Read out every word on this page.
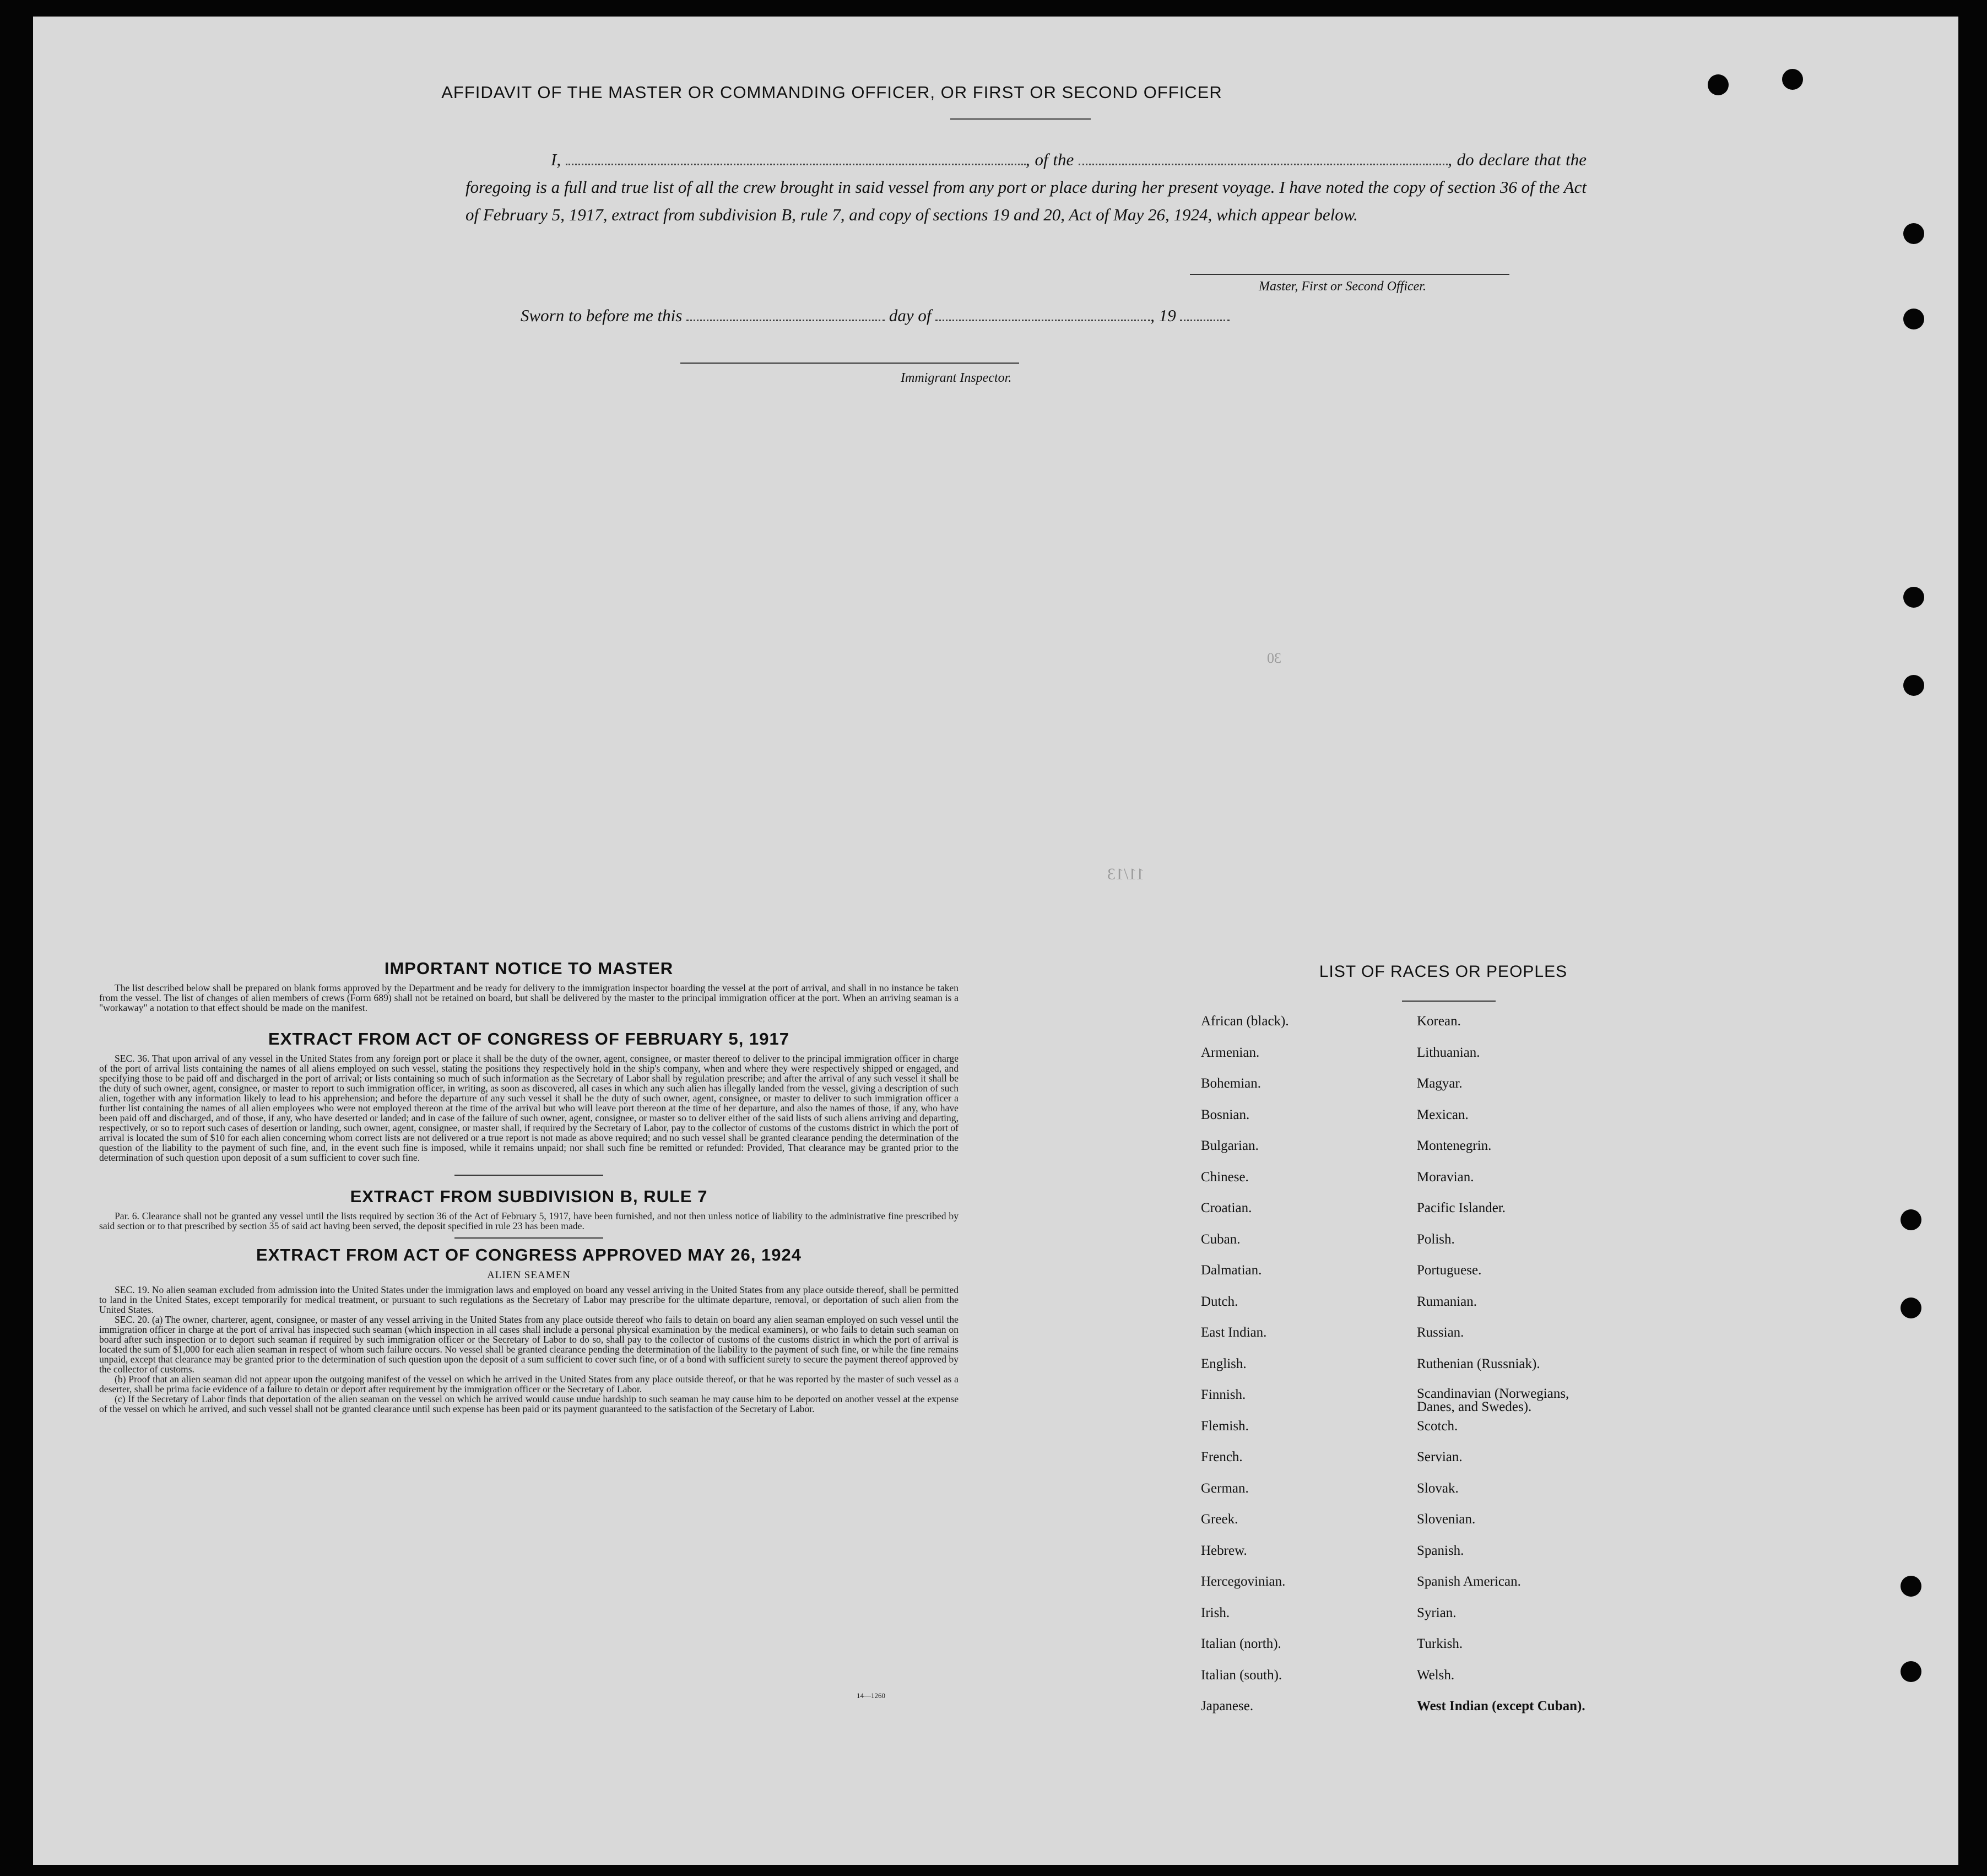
AFFIDAVIT OF THE MASTER OR COMMANDING OFFICER, OR FIRST OR SECOND OFFICER
I,	, of the	, do declare that the foregoing is a full and true list of all the crew brought in said vessel from any port or place during her present voyage. I have noted the copy of section 36 of the Act of February 5, 1917, extract from subdivision B, rule 7, and copy of sections 19 and 20, Act of May 26, 1924, which appear below.
Master, First or Second Officer.
Sworn to before me this	day of	, 19
Immigrant Inspector.
30
11/13
IMPORTANT NOTICE TO MASTER

The list described below shall be prepared on blank forms approved by the Department and be ready for delivery to the immigration inspector boarding the vessel at the port of arrival, and shall in no instance be taken from the vessel. The list of changes of alien members of crews (Form 689) shall not be retained on board, but shall be delivered by the master to the principal immigration officer at the port. When an arriving seaman is a "workaway" a notation to that effect should be made on the manifest.

EXTRACT FROM ACT OF CONGRESS OF FEBRUARY 5, 1917

SEC. 36. That upon arrival of any vessel in the United States from any foreign port or place it shall be the duty of the owner, agent, consignee, or master thereof to deliver to the principal immigration officer in charge of the port of arrival lists containing the names of all aliens employed on such vessel, stating the positions they respectively hold in the ship's company, when and where they were respectively shipped or engaged, and specifying those to be paid off and discharged in the port of arrival; or lists containing so much of such information as the Secretary of Labor shall by regulation prescribe; and after the arrival of any such vessel it shall be the duty of such owner, agent, consignee, or master to report to such immigration officer, in writing, as soon as discovered, all cases in which any such alien has illegally landed from the vessel, giving a description of such alien, together with any information likely to lead to his apprehension; and before the departure of any such vessel it shall be the duty of such owner, agent, consignee, or master to deliver to such immigration officer a further list containing the names of all alien employees who were not employed thereon at the time of the arrival but who will leave port thereon at the time of her departure, and also the names of those, if any, who have been paid off and discharged, and of those, if any, who have deserted or landed; and in case of the failure of such owner, agent, consignee, or master so to deliver either of the said lists of such aliens arriving and departing, respectively, or so to report such cases of desertion or landing, such owner, agent, consignee, or master shall, if required by the Secretary of Labor, pay to the collector of customs of the customs district in which the port of arrival is located the sum of $10 for each alien concerning whom correct lists are not delivered or a true report is not made as above required; and no such vessel shall be granted clearance pending the determination of the question of the liability to the payment of such fine, and, in the event such fine is imposed, while it remains unpaid; nor shall such fine be remitted or refunded: Provided, That clearance may be granted prior to the determination of such question upon deposit of a sum sufficient to cover such fine.

EXTRACT FROM SUBDIVISION B, RULE 7

Par. 6. Clearance shall not be granted any vessel until the lists required by section 36 of the Act of February 5, 1917, have been furnished, and not then unless notice of liability to the administrative fine prescribed by said section or to that prescribed by section 35 of said act having been served, the deposit specified in rule 23 has been made.

EXTRACT FROM ACT OF CONGRESS APPROVED MAY 26, 1924
ALIEN SEAMEN

SEC. 19. No alien seaman excluded from admission into the United States under the immigration laws and employed on board any vessel arriving in the United States from any place outside thereof, shall be permitted to land in the United States, except temporarily for medical treatment, or pursuant to such regulations as the Secretary of Labor may prescribe for the ultimate departure, removal, or deportation of such alien from the United States.

SEC. 20. (a) The owner, charterer, agent, consignee, or master of any vessel arriving in the United States from any place outside thereof who fails to detain on board any alien seaman employed on such vessel until the immigration officer in charge at the port of arrival has inspected such seaman (which inspection in all cases shall include a personal physical examination by the medical examiners), or who fails to detain such seaman on board after such inspection or to deport such seaman if required by such immigration officer or the Secretary of Labor to do so, shall pay to the collector of customs of the customs district in which the port of arrival is located the sum of $1,000 for each alien seaman in respect of whom such failure occurs. No vessel shall be granted clearance pending the determination of the liability to the payment of such fine, or while the fine remains unpaid, except that clearance may be granted prior to the determination of such question upon the deposit of a sum sufficient to cover such fine, or of a bond with sufficient surety to secure the payment thereof approved by the collector of customs.

(b) Proof that an alien seaman did not appear upon the outgoing manifest of the vessel on which he arrived in the United States from any place outside thereof, or that he was reported by the master of such vessel as a deserter, shall be prima facie evidence of a failure to detain or deport after requirement by the immigration officer or the Secretary of Labor.

(c) If the Secretary of Labor finds that deportation of the alien seaman on the vessel on which he arrived would cause undue hardship to such seaman he may cause him to be deported on another vessel at the expense of the vessel on which he arrived, and such vessel shall not be granted clearance until such expense has been paid or its payment guaranteed to the satisfaction of the Secretary of Labor.

14—1260
LIST OF RACES OR PEOPLES
African (black).	Korean.
Armenian.	Lithuanian.
Bohemian.	Magyar.
Bosnian.	Mexican.
Bulgarian.	Montenegrin.
Chinese.	Moravian.
Croatian.	Pacific Islander.
Cuban.	Polish.
Dalmatian.	Portuguese.
Dutch.	Rumanian.
East Indian.	Russian.
English.	Ruthenian (Russniak).
Finnish.	Scandinavian (Norwegians, Danes, and Swedes).
Flemish.	Scotch.
French.	Servian.
German.	Slovak.
Greek.	Slovenian.
Hebrew.	Spanish.
Hercegovinian.	Spanish American.
Irish.	Syrian.
Italian (north).	Turkish.
Italian (south).	Welsh.
Japanese.	West Indian (except Cuban).
